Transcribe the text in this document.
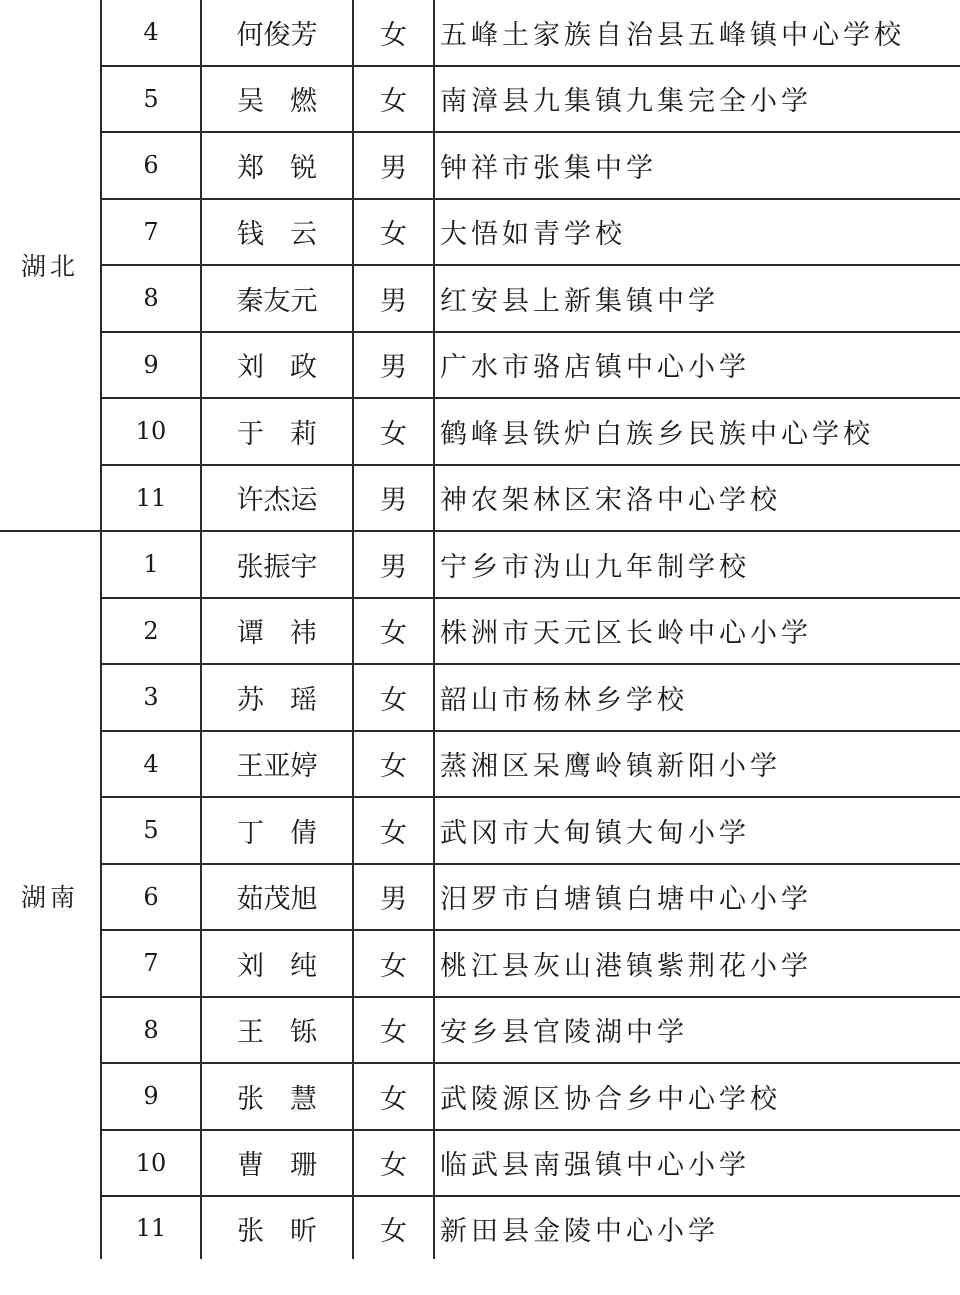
湖北	4	何俊芳	女	五峰土家族自治县五峰镇中心学校
	5	吴燃	女	南漳县九集镇九集完全小学
	6	郑锐	男	钟祥市张集中学
	7	钱云	女	大悟如青学校
	8	秦友元	男	红安县上新集镇中学
	9	刘政	男	广水市骆店镇中心小学
	10	于莉	女	鹤峰县铁炉白族乡民族中心学校
	11	许杰运	男	神农架林区宋洛中心学校
湖南	1	张振宇	男	宁乡市沩山九年制学校
	2	谭祎	女	株洲市天元区长岭中心小学
	3	苏瑶	女	韶山市杨林乡学校
	4	王亚婷	女	蒸湘区呆鹰岭镇新阳小学
	5	丁倩	女	武冈市大甸镇大甸小学
	6	茹茂旭	男	汨罗市白塘镇白塘中心小学
	7	刘纯	女	桃江县灰山港镇紫荆花小学
	8	王铄	女	安乡县官陵湖中学
	9	张慧	女	武陵源区协合乡中心学校
	10	曹珊	女	临武县南强镇中心小学
	11	张昕	女	新田县金陵中心小学
